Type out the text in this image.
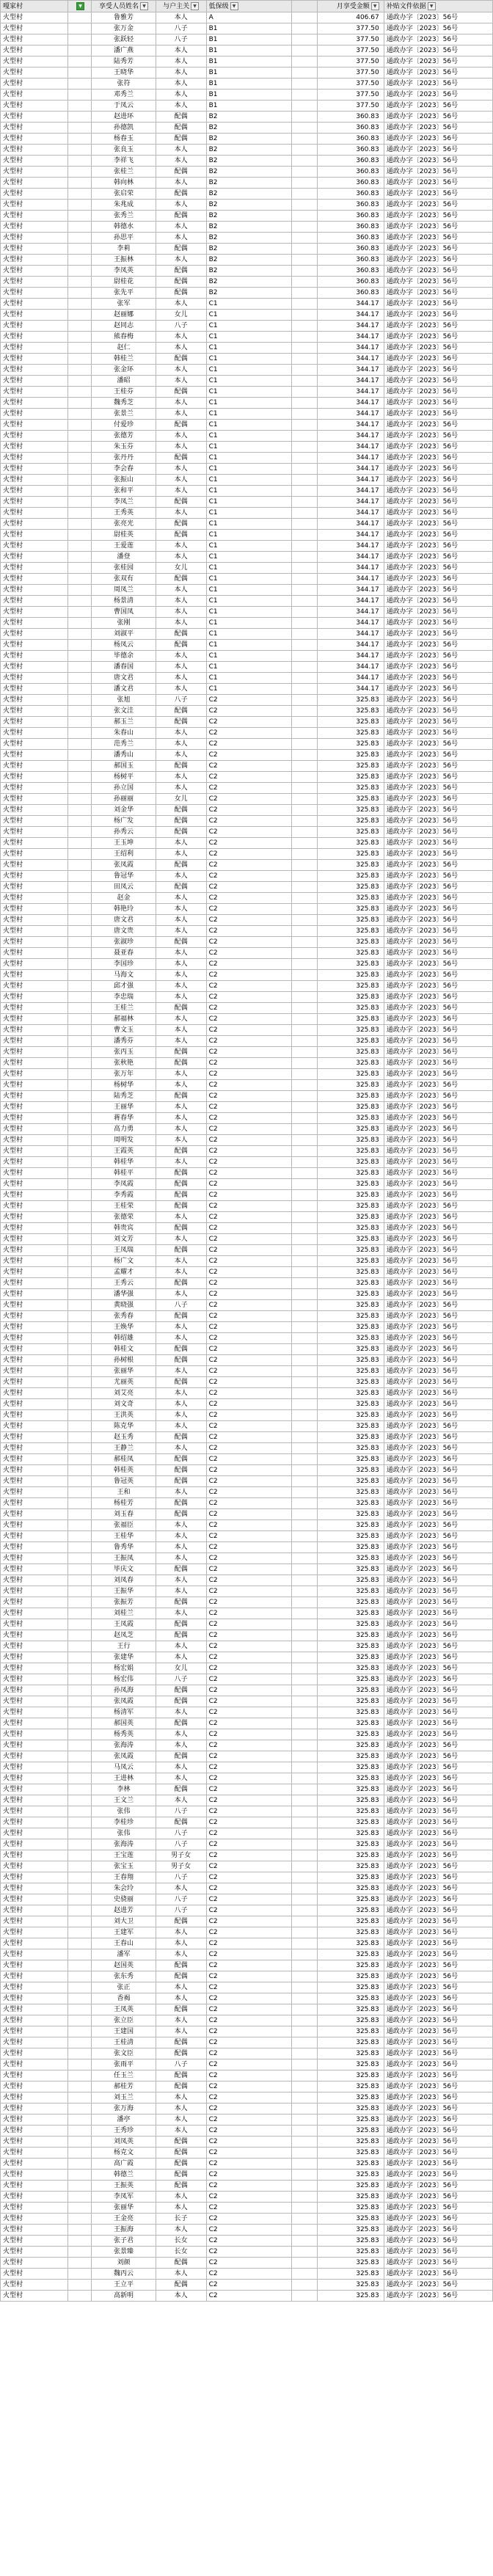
嘎家村	▼	享受人员姓名 ▼	与户主关 ▼	低保级 ▼		月享受金额 ▼	补贴文件依据 ▼
火型村		鲁雅芳	本人	A		406.67	通政办字〔2023〕56号
火型村		张万金	八子	B1		377.50	通政办字〔2023〕56号
火型村		张跃轻	八子	B1		377.50	通政办字〔2023〕56号
火型村		潘广燕	本人	B1		377.50	通政办字〔2023〕56号
火型村		陆秀芳	本人	B1		377.50	通政办字〔2023〕56号
火型村		王晓华	本人	B1		377.50	通政办字〔2023〕56号
火型村		张符	本人	B1		377.50	通政办字〔2023〕56号
火型村		邓秀兰	本人	B1		377.50	通政办字〔2023〕56号
火型村		于凤云	本人	B1		377.50	通政办字〔2023〕56号
火型村		赵进环	配偶	B2		360.83	通政办字〔2023〕56号
火型村		孙德凯	配偶	B2		360.83	通政办字〔2023〕56号
火型村		杨春玉	配偶	B2		360.83	通政办字〔2023〕56号
火型村		张良玉	本人	B2		360.83	通政办字〔2023〕56号
火型村		李祥飞	本人	B2		360.83	通政办字〔2023〕56号
火型村		张桂兰	配偶	B2		360.83	通政办字〔2023〕56号
火型村		韩向林	本人	B2		360.83	通政办字〔2023〕56号
火型村		张启荣	配偶	B2		360.83	通政办字〔2023〕56号
火型村		朱兆成	本人	B2		360.83	通政办字〔2023〕56号
火型村		张秀兰	配偶	B2		360.83	通政办字〔2023〕56号
火型村		韩德水	本人	B2		360.83	通政办字〔2023〕56号
火型村		孙思平	本人	B2		360.83	通政办字〔2023〕56号
火型村		李莉	配偶	B2		360.83	通政办字〔2023〕56号
火型村		王振林	本人	B2		360.83	通政办字〔2023〕56号
火型村		李凤英	配偶	B2		360.83	通政办字〔2023〕56号
火型村		尉桂花	配偶	B2		360.83	通政办字〔2023〕56号
火型村		张先平	配偶	B2		360.83	通政办字〔2023〕56号
火型村		张军	本人	C1		344.17	通政办字〔2023〕56号
火型村		赵丽娜	女儿	C1		344.17	通政办字〔2023〕56号
火型村		赵同志	八子	C1		344.17	通政办字〔2023〕56号
火型村		熊春梅	本人	C1		344.17	通政办字〔2023〕56号
火型村		赵仁	本人	C1		344.17	通政办字〔2023〕56号
火型村		韩桂兰	配偶	C1		344.17	通政办字〔2023〕56号
火型村		张金环	本人	C1		344.17	通政办字〔2023〕56号
火型村		潘昭	本人	C1		344.17	通政办字〔2023〕56号
火型村		王桂芬	配偶	C1		344.17	通政办字〔2023〕56号
火型村		魏秀芝	本人	C1		344.17	通政办字〔2023〕56号
火型村		张景兰	本人	C1		344.17	通政办字〔2023〕56号
火型村		付爱珍	配偶	C1		344.17	通政办字〔2023〕56号
火型村		张德芳	本人	C1		344.17	通政办字〔2023〕56号
火型村		朱玉芬	本人	C1		344.17	通政办字〔2023〕56号
火型村		张丹丹	配偶	C1		344.17	通政办字〔2023〕56号
火型村		李会春	本人	C1		344.17	通政办字〔2023〕56号
火型村		张振山	本人	C1		344.17	通政办字〔2023〕56号
火型村		张和平	本人	C1		344.17	通政办字〔2023〕56号
火型村		李凤兰	配偶	C1		344.17	通政办字〔2023〕56号
火型村		王秀英	本人	C1		344.17	通政办字〔2023〕56号
火型村		张亮光	配偶	C1		344.17	通政办字〔2023〕56号
火型村		尉桂英	配偶	C1		344.17	通政办字〔2023〕56号
火型村		王爱莲	本人	C1		344.17	通政办字〔2023〕56号
火型村		潘登	本人	C1		344.17	通政办字〔2023〕56号
火型村		张桂园	女儿	C1		344.17	通政办字〔2023〕56号
火型村		张双有	配偶	C1		344.17	通政办字〔2023〕56号
火型村		周凤兰	本人	C1		344.17	通政办字〔2023〕56号
火型村		杨景清	本人	C1		344.17	通政办字〔2023〕56号
火型村		曹国凤	本人	C1		344.17	通政办字〔2023〕56号
火型村		张刚	本人	C1		344.17	通政办字〔2023〕56号
火型村		刘淑平	配偶	C1		344.17	通政办字〔2023〕56号
火型村		杨凤云	配偶	C1		344.17	通政办字〔2023〕56号
火型村		毕德余	本人	C1		344.17	通政办字〔2023〕56号
火型村		潘春国	本人	C1		344.17	通政办字〔2023〕56号
火型村		唐文君	本人	C1		344.17	通政办字〔2023〕56号
火型村		潘文君	本人	C1		344.17	通政办字〔2023〕56号
火型村		张旭	八子	C2		325.83	通政办字〔2023〕56号
火型村		张文洼	配偶	C2		325.83	通政办字〔2023〕56号
火型村		郝玉兰	配偶	C2		325.83	通政办字〔2023〕56号
火型村		朱春山	本人	C2		325.83	通政办字〔2023〕56号
火型村		范秀兰	本人	C2		325.83	通政办字〔2023〕56号
火型村		潘秀山	本人	C2		325.83	通政办字〔2023〕56号
火型村		郝国玉	配偶	C2		325.83	通政办字〔2023〕56号
火型村		杨树平	本人	C2		325.83	通政办字〔2023〕56号
火型村		孙立国	本人	C2		325.83	通政办字〔2023〕56号
火型村		孙丽丽	女儿	C2		325.83	通政办字〔2023〕56号
火型村		刘金华	配偶	C2		325.83	通政办字〔2023〕56号
火型村		杨广发	配偶	C2		325.83	通政办字〔2023〕56号
火型村		孙秀云	配偶	C2		325.83	通政办字〔2023〕56号
火型村		王玉坤	本人	C2		325.83	通政办字〔2023〕56号
火型村		王绍利	本人	C2		325.83	通政办字〔2023〕56号
火型村		张凤霞	配偶	C2		325.83	通政办字〔2023〕56号
火型村		鲁冠华	本人	C2		325.83	通政办字〔2023〕56号
火型村		田凤云	配偶	C2		325.83	通政办字〔2023〕56号
火型村		赵金	本人	C2		325.83	通政办字〔2023〕56号
火型村		韩艳玲	本人	C2		325.83	通政办字〔2023〕56号
火型村		唐文君	本人	C2		325.83	通政办字〔2023〕56号
火型村		唐文贵	本人	C2		325.83	通政办字〔2023〕56号
火型村		张淑珍	配偶	C2		325.83	通政办字〔2023〕56号
火型村		聂亚春	本人	C2		325.83	通政办字〔2023〕56号
火型村		李国珍	本人	C2		325.83	通政办字〔2023〕56号
火型村		马海文	本人	C2		325.83	通政办字〔2023〕56号
火型村		邱才强	本人	C2		325.83	通政办字〔2023〕56号
火型村		李忠瑞	本人	C2		325.83	通政办字〔2023〕56号
火型村		王桂兰	配偶	C2		325.83	通政办字〔2023〕56号
火型村		郝福林	本人	C2		325.83	通政办字〔2023〕56号
火型村		曹文玉	本人	C2		325.83	通政办字〔2023〕56号
火型村		潘秀芬	本人	C2		325.83	通政办字〔2023〕56号
火型村		张丙玉	配偶	C2		325.83	通政办字〔2023〕56号
火型村		张秋艳	配偶	C2		325.83	通政办字〔2023〕56号
火型村		张万年	本人	C2		325.83	通政办字〔2023〕56号
火型村		杨树华	本人	C2		325.83	通政办字〔2023〕56号
火型村		陆秀芝	配偶	C2		325.83	通政办字〔2023〕56号
火型村		王丽华	本人	C2		325.83	通政办字〔2023〕56号
火型村		蒋春华	本人	C2		325.83	通政办字〔2023〕56号
火型村		高力勇	本人	C2		325.83	通政办字〔2023〕56号
火型村		周明发	本人	C2		325.83	通政办字〔2023〕56号
火型村		王霞英	配偶	C2		325.83	通政办字〔2023〕56号
火型村		韩桂华	本人	C2		325.83	通政办字〔2023〕56号
火型村		韩桂平	配偶	C2		325.83	通政办字〔2023〕56号
火型村		李凤霞	配偶	C2		325.83	通政办字〔2023〕56号
火型村		李秀霞	配偶	C2		325.83	通政办字〔2023〕56号
火型村		王桂荣	配偶	C2		325.83	通政办字〔2023〕56号
火型村		张德荣	本人	C2		325.83	通政办字〔2023〕56号
火型村		韩贵宾	配偶	C2		325.83	通政办字〔2023〕56号
火型村		刘文芳	本人	C2		325.83	通政办字〔2023〕56号
火型村		王凤瑞	配偶	C2		325.83	通政办字〔2023〕56号
火型村		杨广文	本人	C2		325.83	通政办字〔2023〕56号
火型村		孟耀才	本人	C2		325.83	通政办字〔2023〕56号
火型村		王秀云	配偶	C2		325.83	通政办字〔2023〕56号
火型村		潘华强	本人	C2		325.83	通政办字〔2023〕56号
火型村		黄晓强	八子	C2		325.83	通政办字〔2023〕56号
火型村		张秀春	配偶	C2		325.83	通政办字〔2023〕56号
火型村		王焕华	本人	C2		325.83	通政办字〔2023〕56号
火型村		韩绍雄	本人	C2		325.83	通政办字〔2023〕56号
火型村		韩桂文	配偶	C2		325.83	通政办字〔2023〕56号
火型村		孙树根	配偶	C2		325.83	通政办字〔2023〕56号
火型村		张丽华	本人	C2		325.83	通政办字〔2023〕56号
火型村		尤丽英	配偶	C2		325.83	通政办字〔2023〕56号
火型村		刘艾亮	本人	C2		325.83	通政办字〔2023〕56号
火型村		刘文奇	本人	C2		325.83	通政办字〔2023〕56号
火型村		王洪英	本人	C2		325.83	通政办字〔2023〕56号
火型村		陈克华	本人	C2		325.83	通政办字〔2023〕56号
火型村		赵玉秀	配偶	C2		325.83	通政办字〔2023〕56号
火型村		王静兰	本人	C2		325.83	通政办字〔2023〕56号
火型村		郝桂凤	配偶	C2		325.83	通政办字〔2023〕56号
火型村		韩桂英	配偶	C2		325.83	通政办字〔2023〕56号
火型村		鲁冠英	配偶	C2		325.83	通政办字〔2023〕56号
火型村		王和	本人	C2		325.83	通政办字〔2023〕56号
火型村		杨桂芳	配偶	C2		325.83	通政办字〔2023〕56号
火型村		刘玉春	配偶	C2		325.83	通政办字〔2023〕56号
火型村		张福臣	本人	C2		325.83	通政办字〔2023〕56号
火型村		王桂华	本人	C2		325.83	通政办字〔2023〕56号
火型村		鲁秀华	本人	C2		325.83	通政办字〔2023〕56号
火型村		王振凤	本人	C2		325.83	通政办字〔2023〕56号
火型村		毕庆文	配偶	C2		325.83	通政办字〔2023〕56号
火型村		刘凤春	本人	C2		325.83	通政办字〔2023〕56号
火型村		王振华	本人	C2		325.83	通政办字〔2023〕56号
火型村		张振芳	配偶	C2		325.83	通政办字〔2023〕56号
火型村		刘桂兰	本人	C2		325.83	通政办字〔2023〕56号
火型村		王凤霞	配偶	C2		325.83	通政办字〔2023〕56号
火型村		赵凤芝	配偶	C2		325.83	通政办字〔2023〕56号
火型村		王行	本人	C2		325.83	通政办字〔2023〕56号
火型村		张建华	本人	C2		325.83	通政办字〔2023〕56号
火型村		杨宏娟	女儿	C2		325.83	通政办字〔2023〕56号
火型村		杨宏伟	八子	C2		325.83	通政办字〔2023〕56号
火型村		孙凤海	配偶	C2		325.83	通政办字〔2023〕56号
火型村		张凤霞	配偶	C2		325.83	通政办字〔2023〕56号
火型村		杨清军	本人	C2		325.83	通政办字〔2023〕56号
火型村		郝国英	配偶	C2		325.83	通政办字〔2023〕56号
火型村		杨秀英	本人	C2		325.83	通政办字〔2023〕56号
火型村		张海涛	本人	C2		325.83	通政办字〔2023〕56号
火型村		张凤霞	配偶	C2		325.83	通政办字〔2023〕56号
火型村		马凤云	本人	C2		325.83	通政办字〔2023〕56号
火型村		王进林	本人	C2		325.83	通政办字〔2023〕56号
火型村		李林	配偶	C2		325.83	通政办字〔2023〕56号
火型村		王文兰	本人	C2		325.83	通政办字〔2023〕56号
火型村		张伟	八子	C2		325.83	通政办字〔2023〕56号
火型村		李桂珍	配偶	C2		325.83	通政办字〔2023〕56号
火型村		张伟	八子	C2		325.83	通政办字〔2023〕56号
火型村		张海涛	八子	C2		325.83	通政办字〔2023〕56号
火型村		王宝莲	男子女	C2		325.83	通政办字〔2023〕56号
火型村		张宝玉	男子女	C2		325.83	通政办字〔2023〕56号
火型村		王春翔	八子	C2		325.83	通政办字〔2023〕56号
火型村		朱会玲	本人	C2		325.83	通政办字〔2023〕56号
火型村		史骁丽	八子	C2		325.83	通政办字〔2023〕56号
火型村		赵进芳	八子	C2		325.83	通政办字〔2023〕56号
火型村		刘大卫	配偶	C2		325.83	通政办字〔2023〕56号
火型村		王建军	本人	C2		325.83	通政办字〔2023〕56号
火型村		王春山	本人	C2		325.83	通政办字〔2023〕56号
火型村		潘军	本人	C2		325.83	通政办字〔2023〕56号
火型村		赵国英	配偶	C2		325.83	通政办字〔2023〕56号
火型村		张东秀	配偶	C2		325.83	通政办字〔2023〕56号
火型村		张正	本人	C2		325.83	通政办字〔2023〕56号
火型村		香褐	本人	C2		325.83	通政办字〔2023〕56号
火型村		王凤英	配偶	C2		325.83	通政办字〔2023〕56号
火型村		张立臣	本人	C2		325.83	通政办字〔2023〕56号
火型村		王建国	本人	C2		325.83	通政办字〔2023〕56号
火型村		王桂清	配偶	C2		325.83	通政办字〔2023〕56号
火型村		张文臣	配偶	C2		325.83	通政办字〔2023〕56号
火型村		张雨平	八子	C2		325.83	通政办字〔2023〕56号
火型村		任玉兰	配偶	C2		325.83	通政办字〔2023〕56号
火型村		郝桂芳	配偶	C2		325.83	通政办字〔2023〕56号
火型村		刘玉兰	本人	C2		325.83	通政办字〔2023〕56号
火型村		张万海	本人	C2		325.83	通政办字〔2023〕56号
火型村		潘亭	本人	C2		325.83	通政办字〔2023〕56号
火型村		王秀珍	本人	C2		325.83	通政办字〔2023〕56号
火型村		刘凤英	配偶	C2		325.83	通政办字〔2023〕56号
火型村		杨克文	配偶	C2		325.83	通政办字〔2023〕56号
火型村		高广霞	配偶	C2		325.83	通政办字〔2023〕56号
火型村		韩德兰	配偶	C2		325.83	通政办字〔2023〕56号
火型村		王振英	配偶	C2		325.83	通政办字〔2023〕56号
火型村		李凤军	本人	C2		325.83	通政办字〔2023〕56号
火型村		张丽华	本人	C2		325.83	通政办字〔2023〕56号
火型村		王金亮	长子	C2		325.83	通政办字〔2023〕56号
火型村		王振海	本人	C2		325.83	通政办字〔2023〕56号
火型村		张子君	长女	C2		325.83	通政办字〔2023〕56号
火型村		张景臻	长女	C2		325.83	通政办字〔2023〕56号
火型村		刘颜	配偶	C2		325.83	通政办字〔2023〕56号
火型村		魏丙云	本人	C2		325.83	通政办字〔2023〕56号
火型村		王立平	配偶	C2		325.83	通政办字〔2023〕56号
火型村		高新明	本人	C2		325.83	通政办字〔2023〕56号
